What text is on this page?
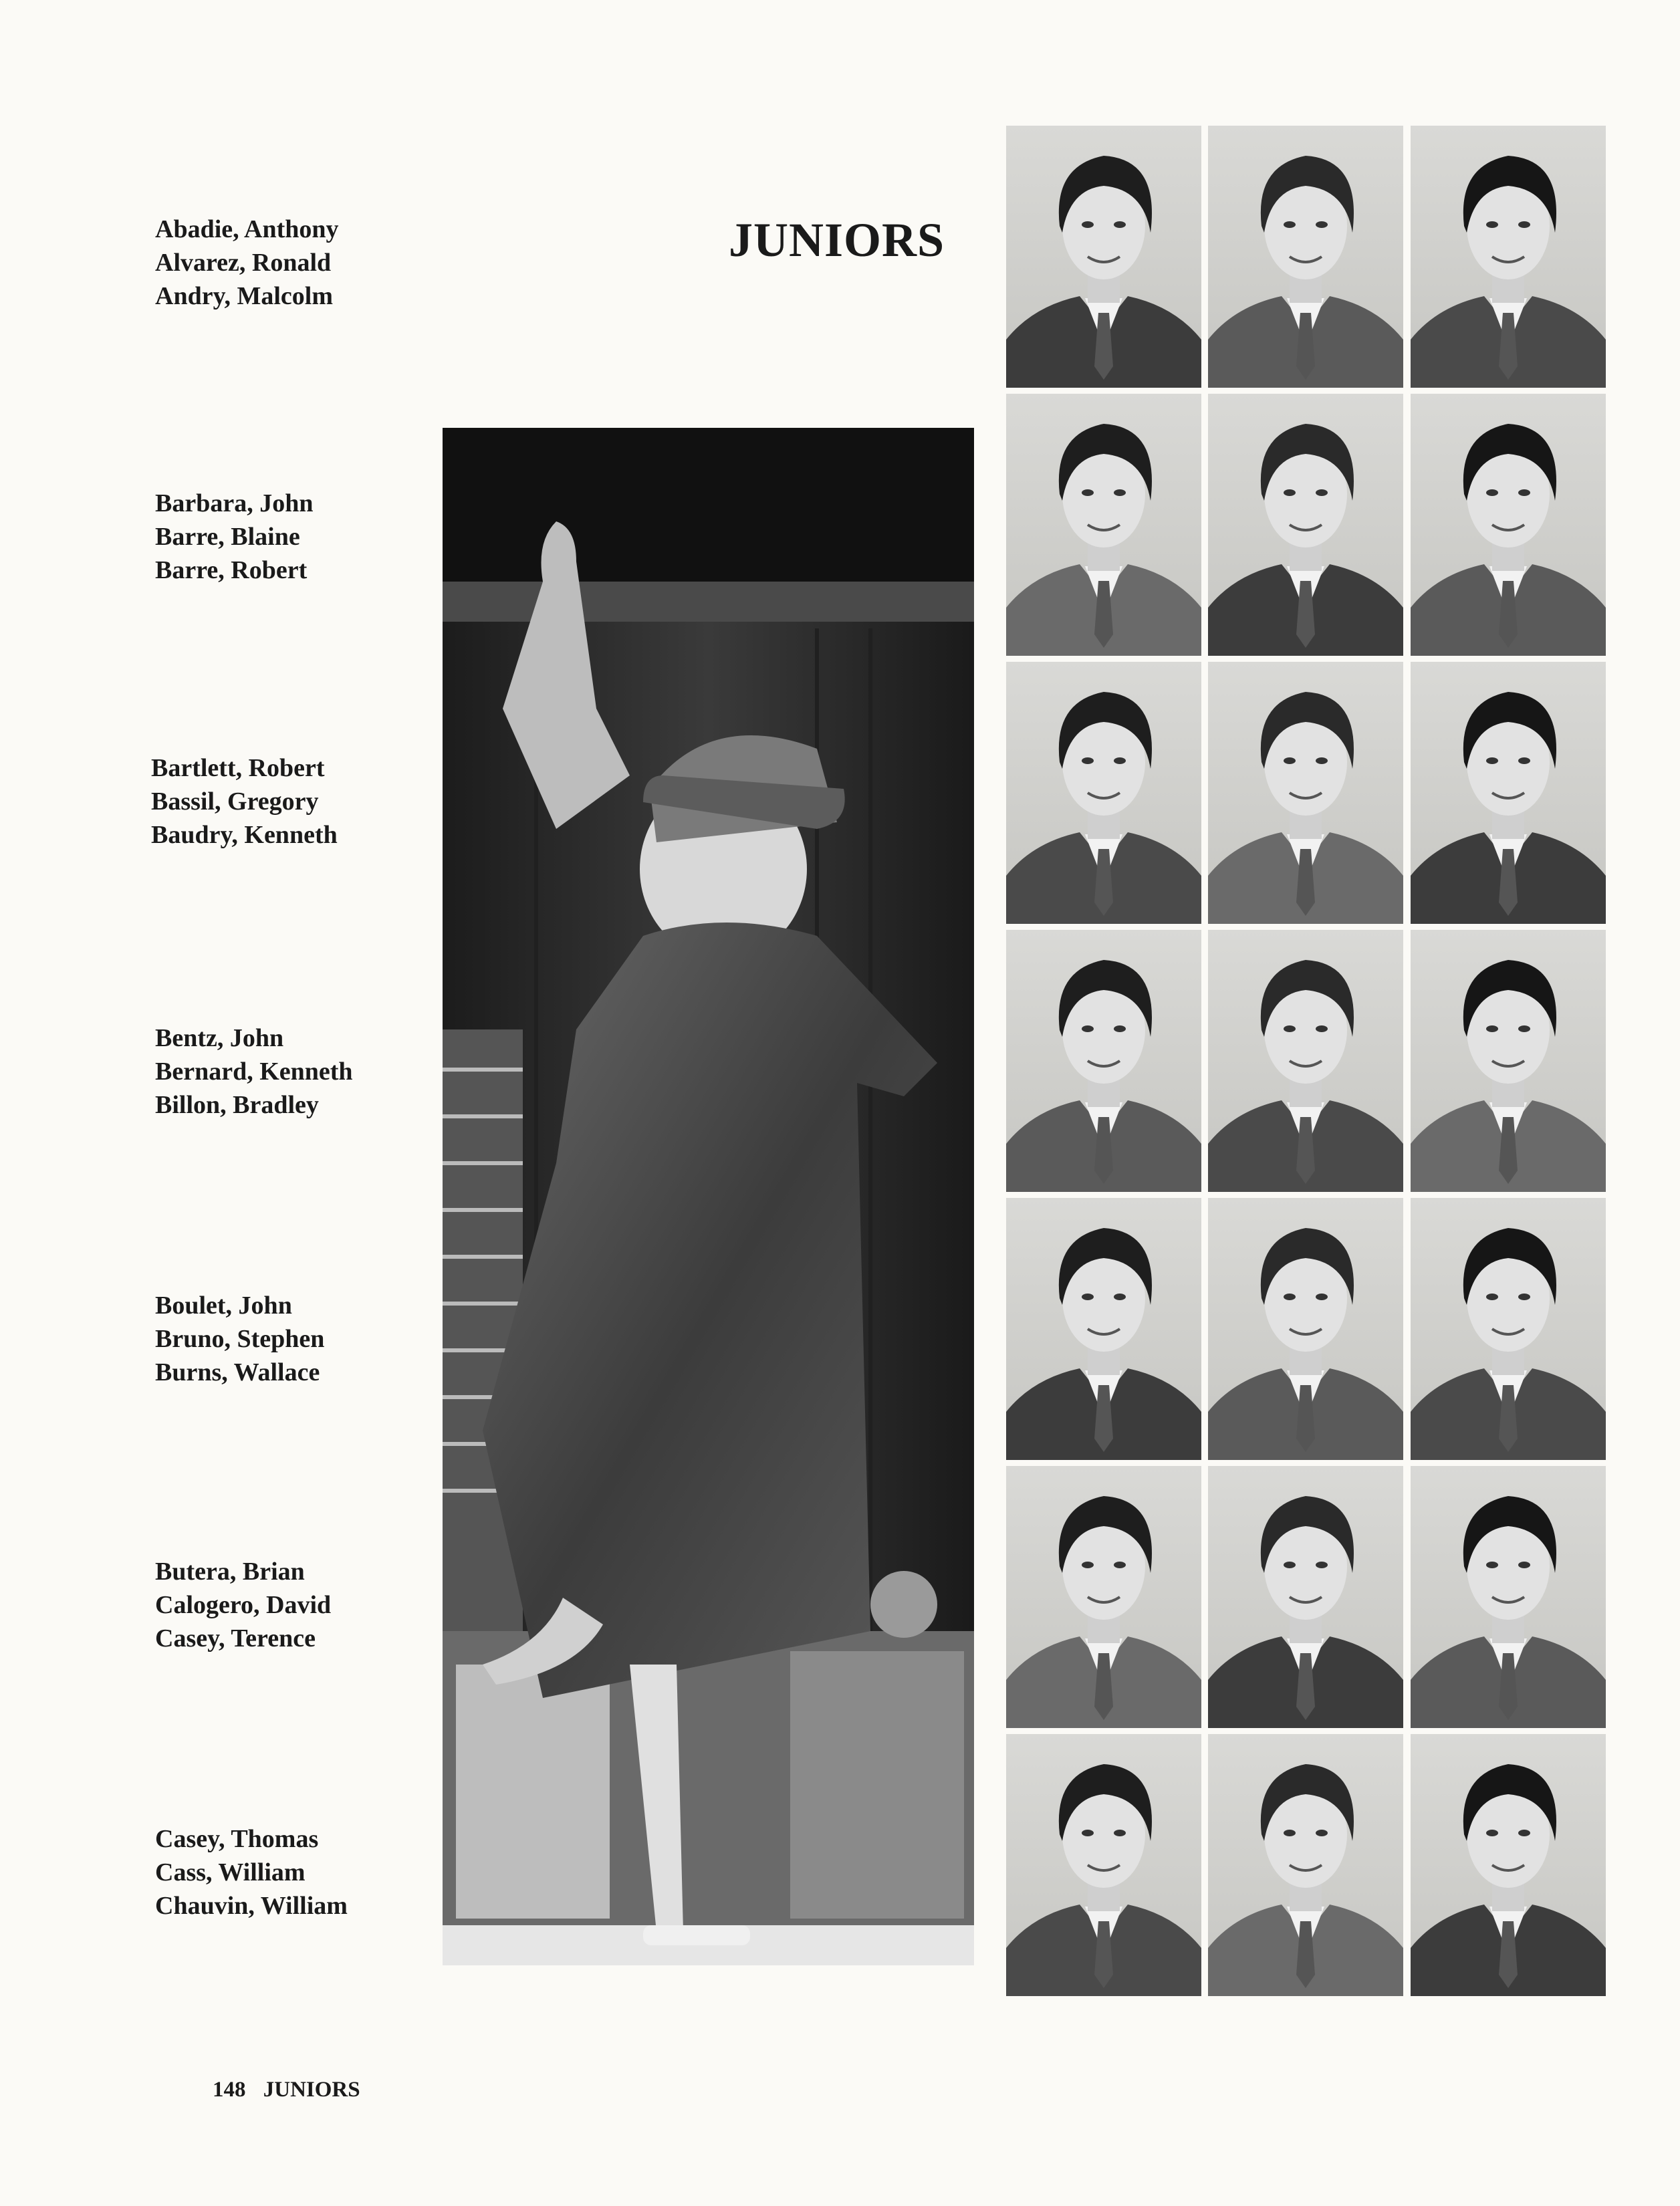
JUNIORS
Abadie, Anthony
Alvarez, Ronald
Andry, Malcolm
Barbara, John
Barre, Blaine
Barre, Robert
Bartlett, Robert
Bassil, Gregory
Baudry, Kenneth
Bentz, John
Bernard, Kenneth
Billon, Bradley
Boulet, John
Bruno, Stephen
Burns, Wallace
Butera, Brian
Calogero, David
Casey, Terence
Casey, Thomas
Cass, William
Chauvin, William
148 JUNIORS
